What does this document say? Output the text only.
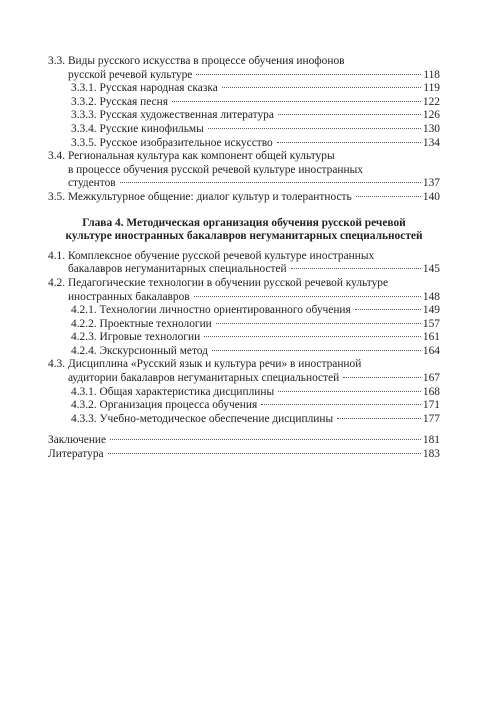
3.3. Виды русского искусства в процессе обучения инофонов
русской речевой культуре	118
3.3.1. Русская народная сказка	119
3.3.2. Русская песня	122
3.3.3. Русская художественная литература	126
3.3.4. Русские кинофильмы	130
3.3.5. Русское изобразительное искусство	134
3.4. Региональная культура как компонент общей культуры
в процессе обучения русской речевой культуре иностранных
студентов	137
3.5. Межкультурное общение: диалог культур и толерантность	140
Глава 4. Методическая организация обучения русской речевой
культуре иностранных бакалавров негуманитарных специальностей
4.1. Комплексное обучение русской речевой культуре иностранных
бакалавров негуманитарных специальностей	145
4.2. Педагогические технологии в обучении русской речевой культуре
иностранных бакалавров	148
4.2.1. Технологии личностно ориентированного обучения	149
4.2.2. Проектные технологии	157
4.2.3. Игровые технологии	161
4.2.4. Экскурсионный метод	164
4.3. Дисциплина «Русский язык и культура речи» в иностранной
аудитории бакалавров негуманитарных специальностей	167
4.3.1. Общая характеристика дисциплины	168
4.3.2. Организация процесса обучения	171
4.3.3. Учебно-методическое обеспечение дисциплины	177
Заключение	181
Литература	183
